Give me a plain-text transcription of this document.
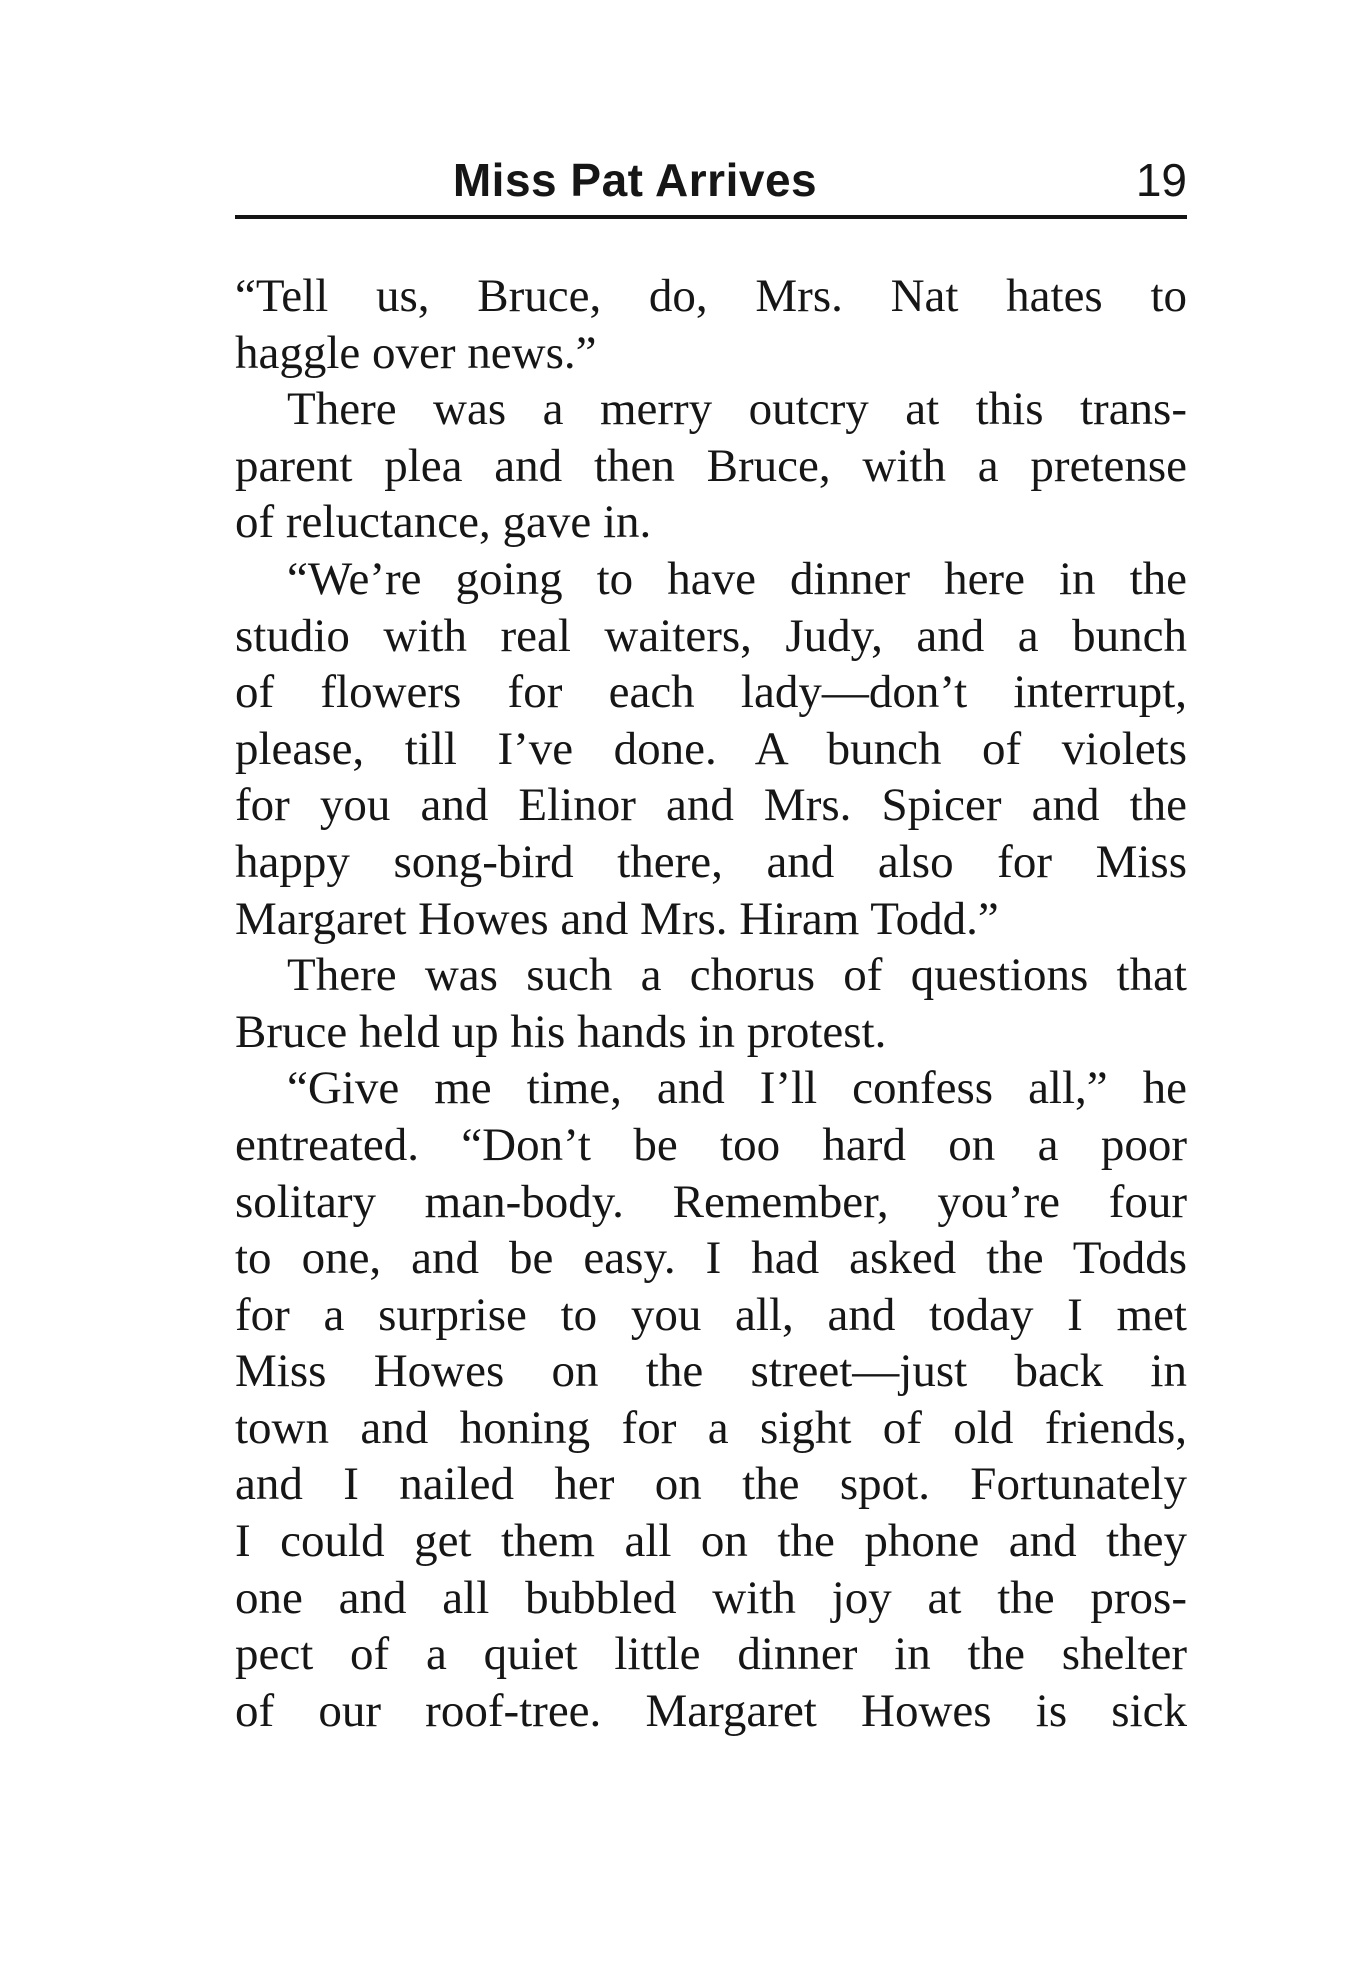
Miss Pat Arrives	19
“Tell us, Bruce, do, Mrs. Nat hates to
haggle over news.”
There was a merry outcry at this trans-
parent plea and then Bruce, with a pretense
of reluctance, gave in.
“We’re going to have dinner here in the
studio with real waiters, Judy, and a bunch
of flowers for each lady—don’t interrupt,
please, till I’ve done. A bunch of violets
for you and Elinor and Mrs. Spicer and the
happy song-bird there, and also for Miss
Margaret Howes and Mrs. Hiram Todd.”
There was such a chorus of questions that
Bruce held up his hands in protest.
“Give me time, and I’ll confess all,” he
entreated. “Don’t be too hard on a poor
solitary man-body. Remember, you’re four
to one, and be easy. I had asked the Todds
for a surprise to you all, and today I met
Miss Howes on the street—just back in
town and honing for a sight of old friends,
and I nailed her on the spot. Fortunately
I could get them all on the phone and they
one and all bubbled with joy at the pros-
pect of a quiet little dinner in the shelter
of our roof-tree. Margaret Howes is sick
